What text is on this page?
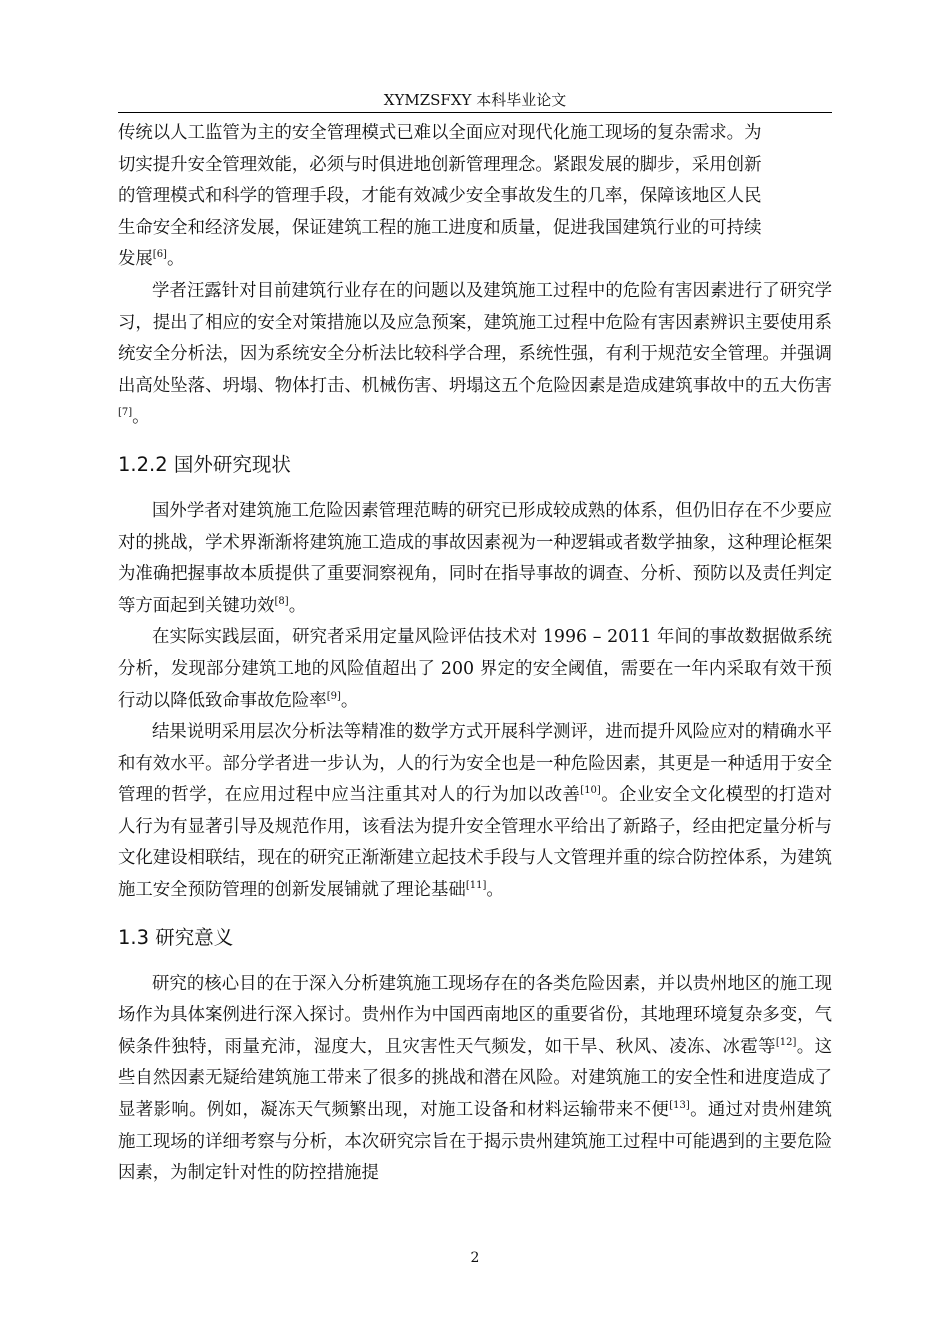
XYMZSFXY 本科毕业论文

传统以人工监管为主的安全管理模式已难以全面应对现代化施工现场的复杂需求。为
切实提升安全管理效能，必须与时俱进地创新管理理念。紧跟发展的脚步，采用创新
的管理模式和科学的管理手段，才能有效减少安全事故发生的几率，保障该地区人民
生命安全和经济发展，保证建筑工程的施工进度和质量，促进我国建筑行业的可持续
发展[6]。

学者汪露针对目前建筑行业存在的问题以及建筑施工过程中的危险有害因素进行了研究学习，提出了相应的安全对策措施以及应急预案，建筑施工过程中危险有害因素辨识主要使用系统安全分析法，因为系统安全分析法比较科学合理，系统性强，有利于规范安全管理。并强调出高处坠落、坍塌、物体打击、机械伤害、坍塌这五个危险因素是造成建筑事故中的五大伤害[7]。

1.2.2 国外研究现状

国外学者对建筑施工危险因素管理范畴的研究已形成较成熟的体系，但仍旧存在不少要应对的挑战，学术界渐渐将建筑施工造成的事故因素视为一种逻辑或者数学抽象，这种理论框架为准确把握事故本质提供了重要洞察视角，同时在指导事故的调查、分析、预防以及责任判定等方面起到关键功效[8]。

在实际实践层面，研究者采用定量风险评估技术对 1996 – 2011 年间的事故数据做系统分析，发现部分建筑工地的风险值超出了 200 界定的安全阈值，需要在一年内采取有效干预行动以降低致命事故危险率[9]。

结果说明采用层次分析法等精准的数学方式开展科学测评，进而提升风险应对的精确水平和有效水平。部分学者进一步认为，人的行为安全也是一种危险因素，其更是一种适用于安全管理的哲学，在应用过程中应当注重其对人的行为加以改善[10]。企业安全文化模型的打造对人行为有显著引导及规范作用，该看法为提升安全管理水平给出了新路子，经由把定量分析与文化建设相联结，现在的研究正渐渐建立起技术手段与人文管理并重的综合防控体系，为建筑施工安全预防管理的创新发展铺就了理论基础[11]。

1.3 研究意义

研究的核心目的在于深入分析建筑施工现场存在的各类危险因素，并以贵州地区的施工现场作为具体案例进行深入探讨。贵州作为中国西南地区的重要省份，其地理环境复杂多变，气候条件独特，雨量充沛，湿度大，且灾害性天气频发，如干旱、秋风、凌冻、冰雹等[12]。这些自然因素无疑给建筑施工带来了很多的挑战和潜在风险。对建筑施工的安全性和进度造成了显著影响。例如，凝冻天气频繁出现，对施工设备和材料运输带来不便[13]。通过对贵州建筑施工现场的详细考察与分析，本次研究宗旨在于揭示贵州建筑施工过程中可能遇到的主要危险因素，为制定针对性的防控措施提

2
